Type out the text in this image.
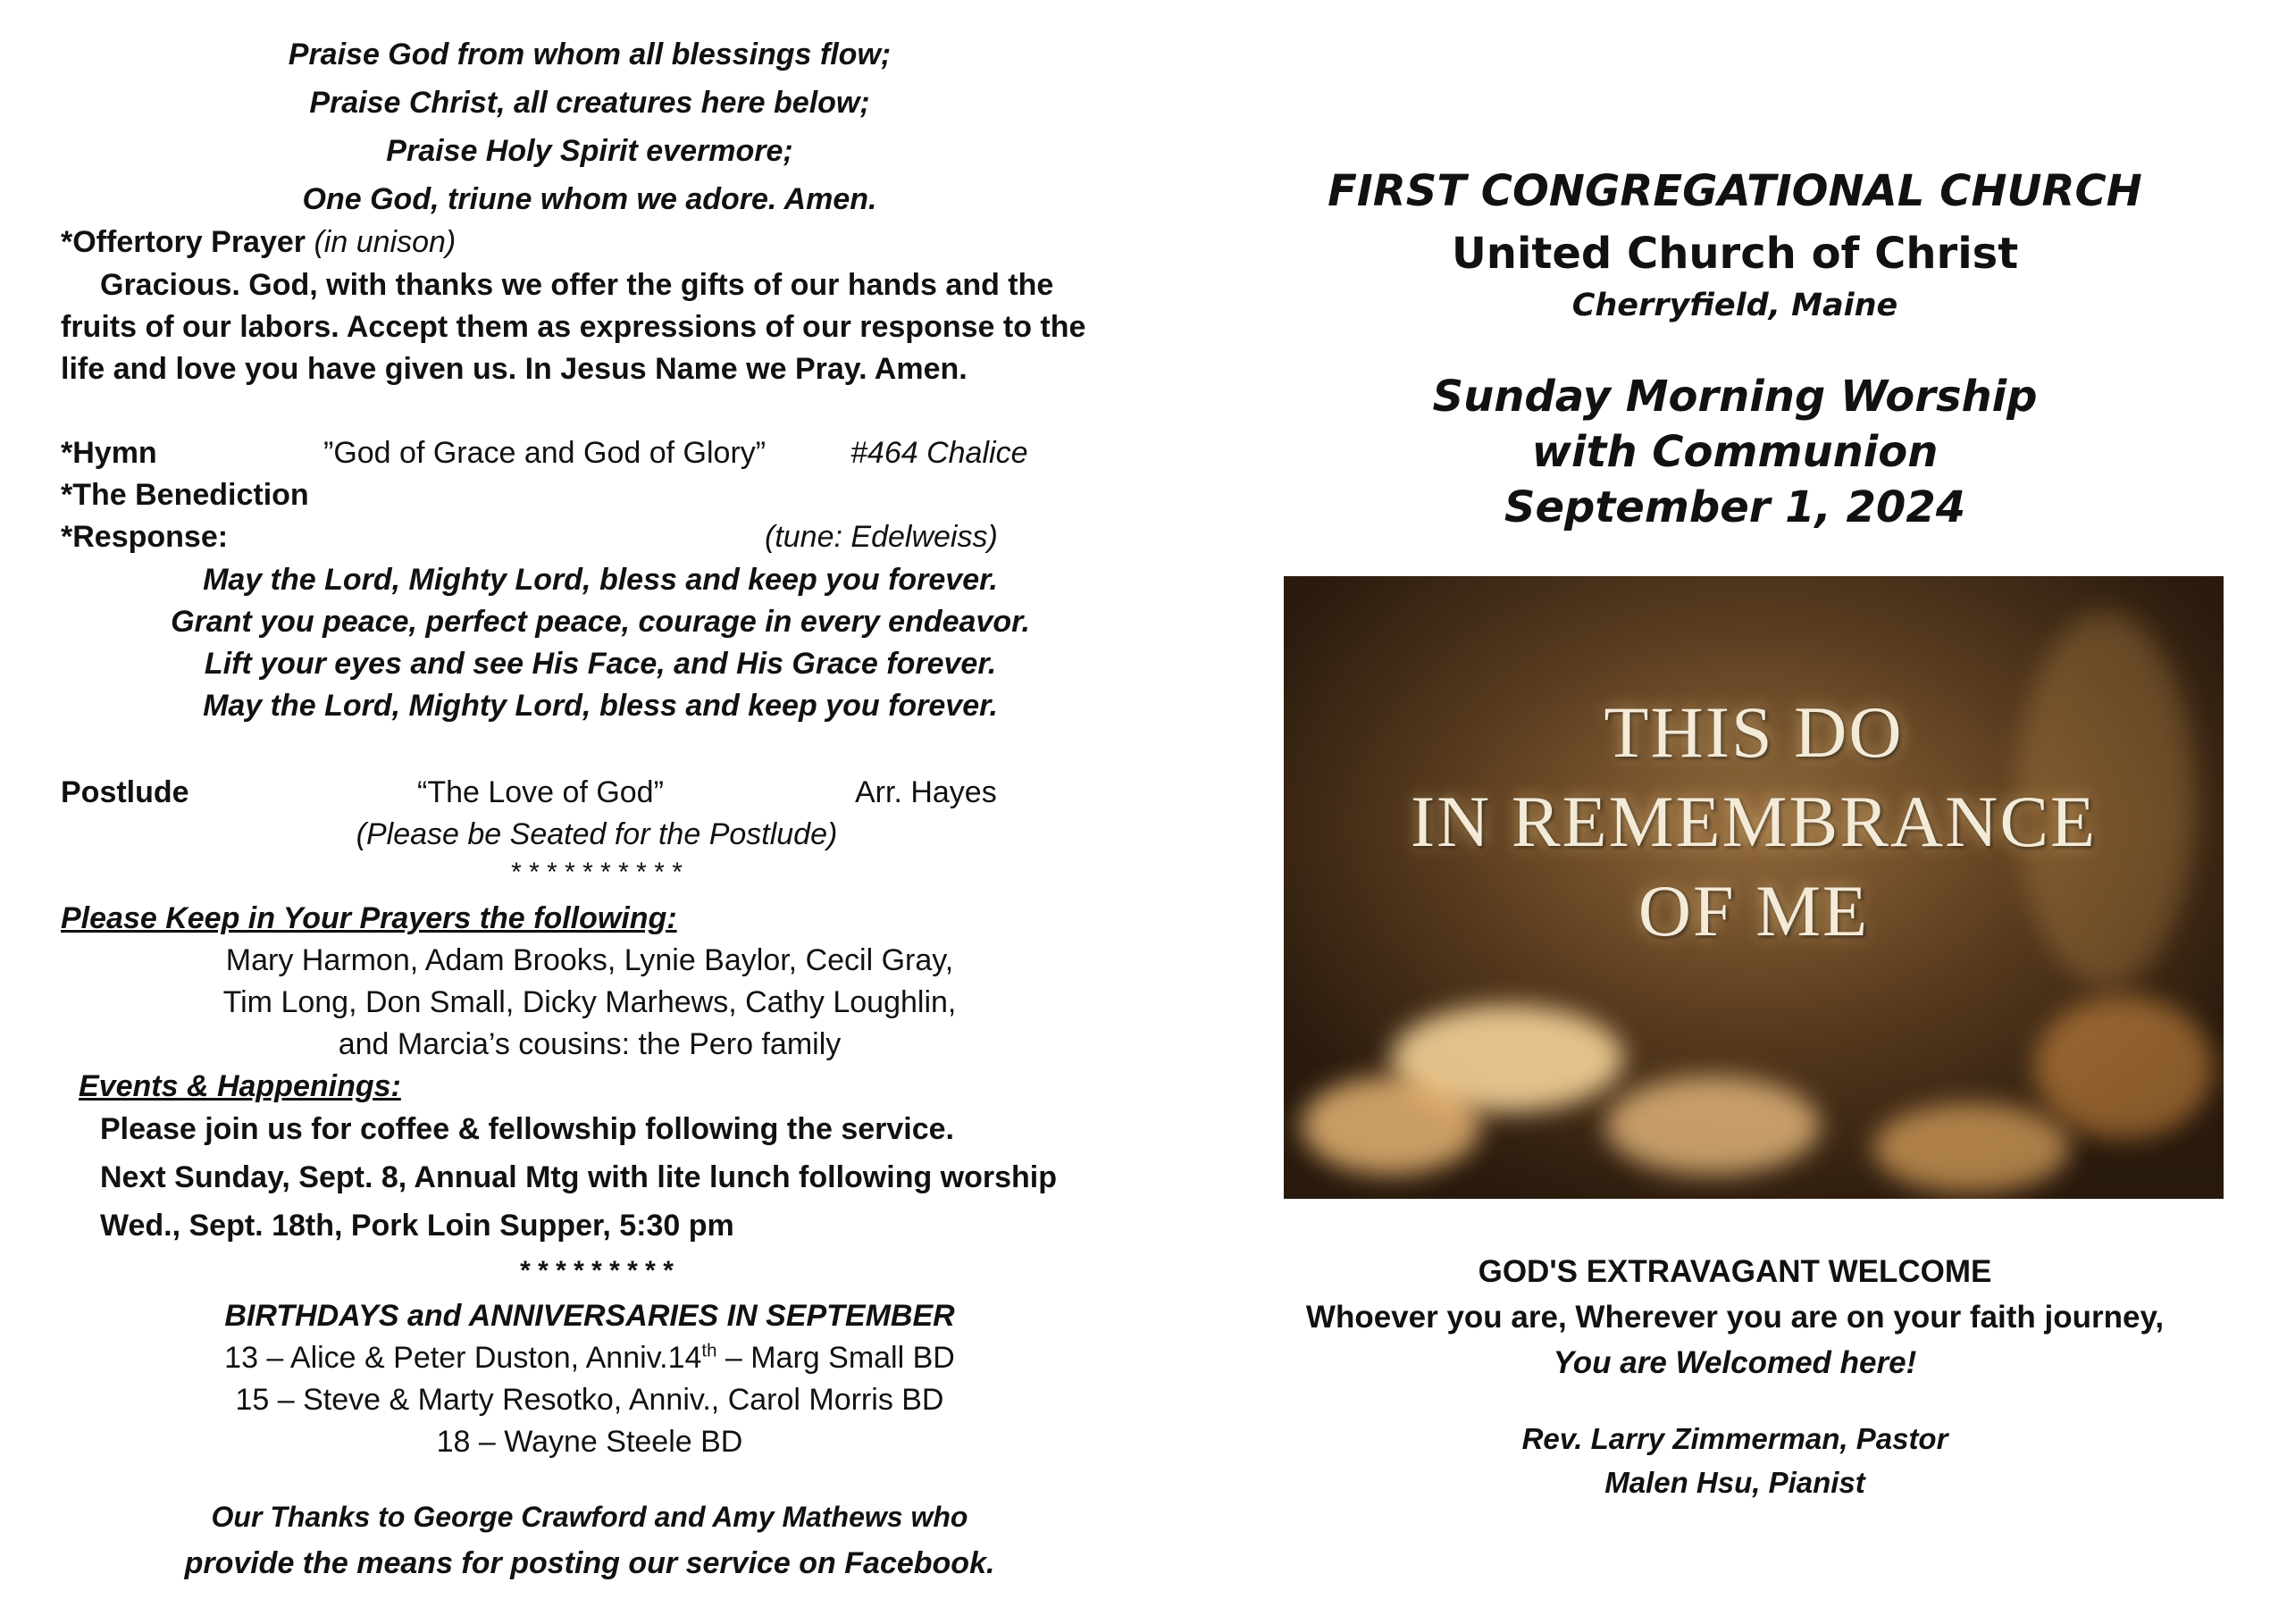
Praise God from whom all blessings flow;
Praise Christ, all creatures here below;
Praise Holy Spirit evermore;
One God, triune whom we adore. Amen.
*Offertory Prayer (in unison)
Gracious. God, with thanks we offer the gifts of our hands and the
fruits of our labors. Accept them as expressions of our response to the
life and love you have given us. In Jesus Name we Pray. Amen.
*Hymn	”God of Grace and God of Glory”	#464 Chalice
*The Benediction
*Response:	(tune: Edelweiss)
May the Lord, Mighty Lord, bless and keep you forever.
Grant you peace, perfect peace, courage in every endeavor.
Lift your eyes and see His Face, and His Grace forever.
May the Lord, Mighty Lord, bless and keep you forever.
Postlude	“The Love of God”	Arr. Hayes
(Please be Seated for the Postlude)
* * * * * * * * * *
Please Keep in Your Prayers the following:
Mary Harmon, Adam Brooks, Lynie Baylor, Cecil Gray,
Tim Long, Don Small, Dicky Marhews, Cathy Loughlin,
and Marcia’s cousins: the Pero family
Events & Happenings:
Please join us for coffee & fellowship following the service.
Next Sunday, Sept. 8, Annual Mtg with lite lunch following worship
Wed., Sept. 18th, Pork Loin Supper, 5:30 pm
* * * * * * * * *
BIRTHDAYS and ANNIVERSARIES IN SEPTEMBER
13 – Alice & Peter Duston, Anniv.14th – Marg Small BD
15 – Steve & Marty Resotko, Anniv., Carol Morris BD
18 – Wayne Steele BD
Our Thanks to George Crawford and Amy Mathews who
provide the means for posting our service on Facebook.
FIRST CONGREGATIONAL CHURCH
United Church of Christ
Cherryfield, Maine
Sunday Morning Worship
with Communion
September 1, 2024
GOD'S EXTRAVAGANT WELCOME
Whoever you are, Wherever you are on your faith journey,
You are Welcomed here!
Rev. Larry Zimmerman, Pastor
Malen Hsu, Pianist
THIS DO
IN REMEMBRANCE
OF ME
